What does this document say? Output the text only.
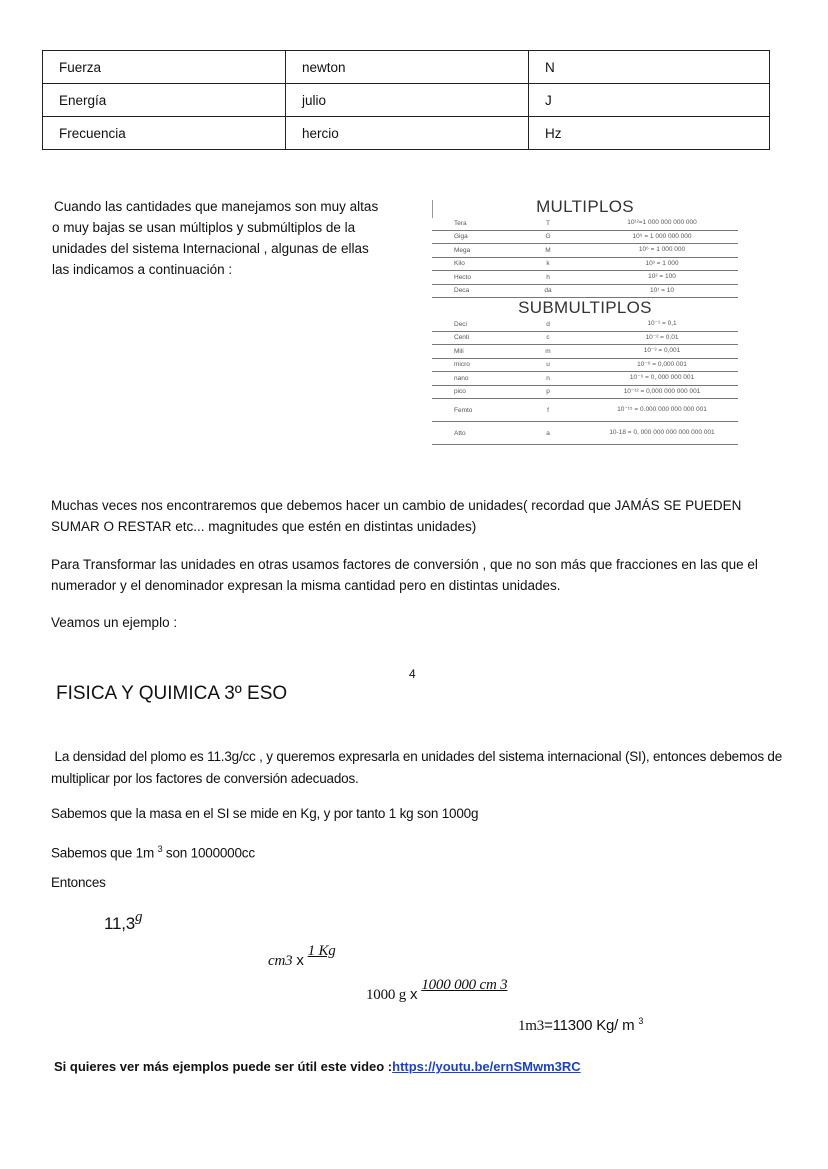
Fuerza	newton	N
Energía	julio	J
Frecuencia	hercio	Hz
Cuando las cantidades que manejamos son muy altas
o muy bajas se usan múltiplos y submúltiplos de la
unidades del sistema Internacional , algunas de ellas
las indicamos a continuación :
MULTIPLOS
Tera	T	10¹²=1 000 000 000 000
Giga	G	10⁹ = 1 000 000 000
Mega	M	10⁶ = 1 000 000
Kilo	k	10³ = 1 000
Hecto	h	10² = 100
Deca	da	10¹ = 10
SUBMULTIPLOS
Deci	d	10⁻¹ = 0,1
Centi	c	10⁻² = 0,01
Mili	m	10⁻³ = 0,001
micro	u	10⁻⁶ = 0,000 001
nano	n	10⁻⁹ = 0, 000 000 001
pico	p	10⁻¹² = 0,000 000 000 001
Femto	f	10⁻¹⁵ = 0.000 000 000 000 001
Atto	a	10-18 = 0, 000 000 000 000 000 001
Muchas veces nos encontraremos que debemos hacer un cambio de unidades( recordad que JAMÁS SE PUEDEN
SUMAR O RESTAR etc... magnitudes que estén en distintas unidades)
Para Transformar las unidades en otras usamos factores de conversión , que no son más que fracciones en las que el
numerador y el denominador expresan la misma cantidad pero en distintas unidades.
Veamos un ejemplo :
4
FISICA Y QUIMICA 3º ESO
La densidad del plomo es 11.3g/cc , y queremos expresarla en unidades del sistema internacional (SI), entonces debemos de
multiplicar por los factores de conversión adecuados.
Sabemos que la masa en el SI se mide en Kg, y por tanto 1 kg son 1000g
Sabemos que 1m $^3$ son 1000000cc
Entonces
11,3g
cm3 x 1 Kg
1000 g x 1000 000 cm 3
1m3=11300 Kg/ m $^3$
Si quieres ver más ejemplos puede ser útil este video :https://youtu.be/ernSMwm3RC
